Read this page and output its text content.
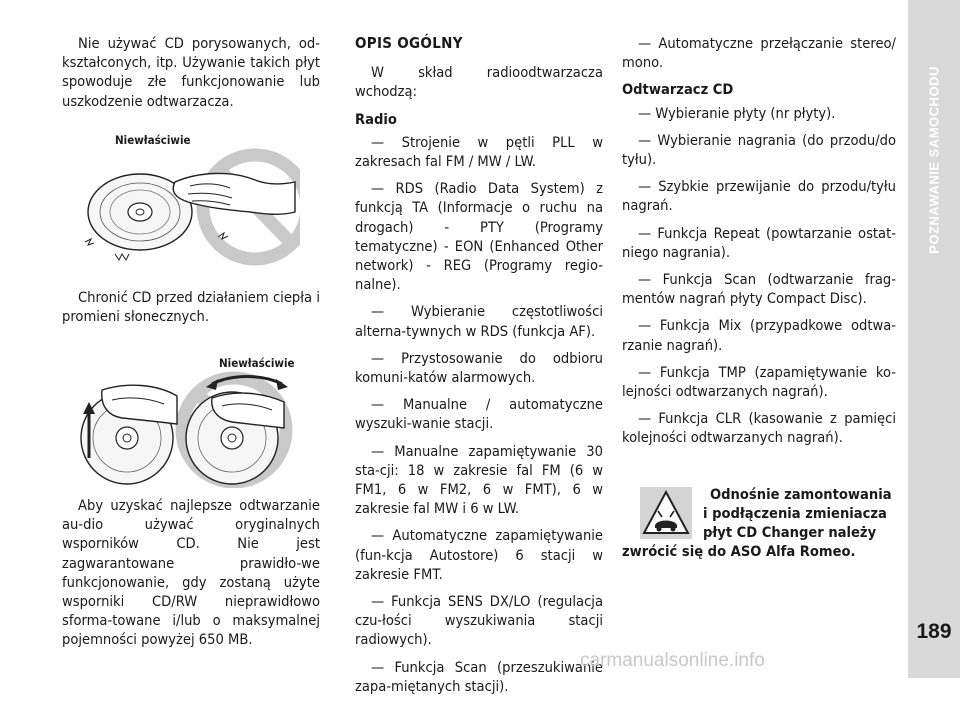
POZNAWANIE SAMOCHODU
189

Nie używać CD porysowanych, od-kształconych, itp. Używanie takich płyt spowoduje złe funkcjonowanie lub uszkodzenie odtwarzacza.

Niewłaściwie

Chronić CD przed działaniem ciepła i promieni słonecznych.

Niewłaściwie

Aby uzyskać najlepsze odtwarzanie au-dio używać oryginalnych wsporników CD. Nie jest zagwarantowane prawidło-we funkcjonowanie, gdy zostaną użyte wsporniki CD/RW nieprawidłowo sforma-towane i/lub o maksymalnej pojemności powyżej 650 MB.

OPIS OGÓLNY

W skład radioodtwarzacza wchodzą:

Radio

— Strojenie w pętli PLL w zakresach fal FM / MW / LW.

— RDS (Radio Data System) z funkcją TA (Informacje o ruchu na drogach) - PTY (Programy tematyczne) - EON (Enhanced Other network) - REG (Programy regio-nalne).

— Wybieranie częstotliwości alterna-tywnych w RDS (funkcja AF).

— Przystosowanie do odbioru komuni-katów alarmowych.

— Manualne / automatyczne wyszuki-wanie stacji.

— Manualne zapamiętywanie 30 sta-cji: 18 w zakresie fal FM (6 w FM1, 6 w FM2, 6 w FMT), 6 w zakresie fal MW i 6 w LW.

— Automatyczne zapamiętywanie (fun-kcja Autostore) 6 stacji w zakresie FMT.

— Funkcja SENS DX/LO (regulacja czu-łości wyszukiwania stacji radiowych).

— Funkcja Scan (przeszukiwanie zapa-miętanych stacji).

— Automatyczne przełączanie stereo/ mono.

Odtwarzacz CD

— Wybieranie płyty (nr płyty).

— Wybieranie nagrania (do przodu/do tyłu).

— Szybkie przewijanie do przodu/tyłu nagrań.

— Funkcja Repeat (powtarzanie ostat-niego nagrania).

— Funkcja Scan (odtwarzanie frag-mentów nagrań płyty Compact Disc).

— Funkcja Mix (przypadkowe odtwa-rzanie nagrań).

— Funkcja TMP (zapamiętywanie ko-lejności odtwarzanych nagrań).

— Funkcja CLR (kasowanie z pamięci kolejności odtwarzanych nagrań).

Odnośnie zamontowania
i podłączenia zmieniacza
płyt CD Changer należy
zwrócić się do ASO Alfa Romeo.
carmanualsonline.info
